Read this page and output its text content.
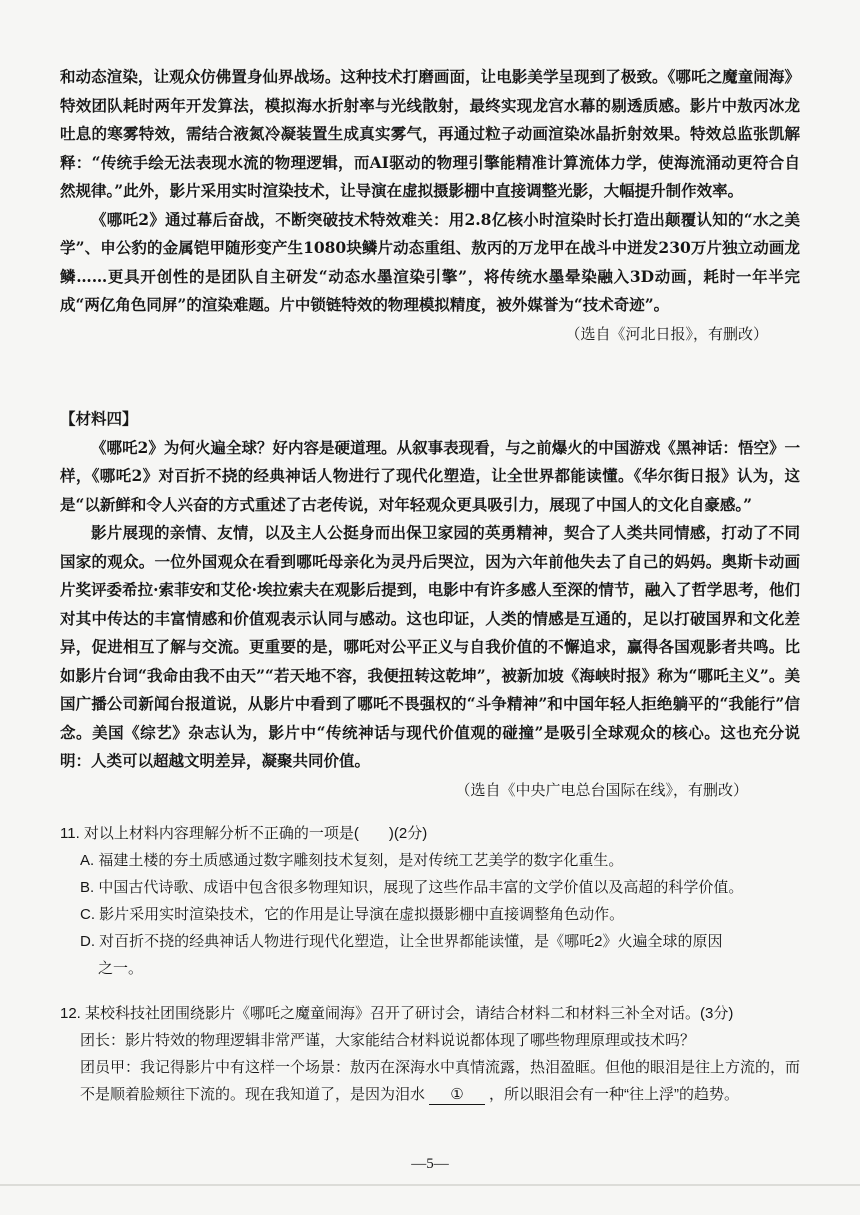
和动态渲染，让观众仿佛置身仙界战场。这种技术打磨画面，让电影美学呈现到了极致。《哪吒之魔童闹海》特效团队耗时两年开发算法，模拟海水折射率与光线散射，最终实现龙宫水幕的剔透质感。影片中敖丙冰龙吐息的寒雾特效，需结合液氮冷凝装置生成真实雾气，再通过粒子动画渲染冰晶折射效果。特效总监张凯解释：“传统手绘无法表现水流的物理逻辑，而AI驱动的物理引擎能精准计算流体力学，使海流涌动更符合自然规律。”此外，影片采用实时渲染技术，让导演在虚拟摄影棚中直接调整光影，大幅提升制作效率。

《哪吒2》通过幕后奋战，不断突破技术特效难关：用2.8亿核小时渲染时长打造出颠覆认知的“水之美学”、申公豹的金属铠甲随形变产生1080块鳞片动态重组、敖丙的万龙甲在战斗中迸发230万片独立动画龙鳞……更具开创性的是团队自主研发“动态水墨渲染引擎”，将传统水墨晕染融入3D动画，耗时一年半完成“两亿角色同屏”的渲染难题。片中锁链特效的物理模拟精度，被外媒誉为“技术奇迹”。

（选自《河北日报》，有删改）

【材料四】

《哪吒2》为何火遍全球？好内容是硬道理。从叙事表现看，与之前爆火的中国游戏《黑神话：悟空》一样，《哪吒2》对百折不挠的经典神话人物进行了现代化塑造，让全世界都能读懂。《华尔街日报》认为，这是“以新鲜和令人兴奋的方式重述了古老传说，对年轻观众更具吸引力，展现了中国人的文化自豪感。”

影片展现的亲情、友情，以及主人公挺身而出保卫家园的英勇精神，契合了人类共同情感，打动了不同国家的观众。一位外国观众在看到哪吒母亲化为灵丹后哭泣，因为六年前他失去了自己的妈妈。奥斯卡动画片奖评委希拉·索菲安和艾伦·埃拉索夫在观影后提到，电影中有许多感人至深的情节，融入了哲学思考，他们对其中传达的丰富情感和价值观表示认同与感动。这也印证，人类的情感是互通的，足以打破国界和文化差异，促进相互了解与交流。更重要的是，哪吒对公平正义与自我价值的不懈追求，赢得各国观影者共鸣。比如影片台词“我命由我不由天”“若天地不容，我便扭转这乾坤”，被新加坡《海峡时报》称为“哪吒主义”。美国广播公司新闻台报道说，从影片中看到了哪吒不畏强权的“斗争精神”和中国年轻人拒绝躺平的“我能行”信念。美国《综艺》杂志认为，影片中“传统神话与现代价值观的碰撞”是吸引全球观众的核心。这也充分说明：人类可以超越文明差异，凝聚共同价值。

（选自《中央广电总台国际在线》，有删改）

11. 对以上材料内容理解分析不正确的一项是(　　)(2分)

A. 福建土楼的夯土质感通过数字雕刻技术复刻，是对传统工艺美学的数字化重生。

B. 中国古代诗歌、成语中包含很多物理知识，展现了这些作品丰富的文学价值以及高超的科学价值。

C. 影片采用实时渲染技术，它的作用是让导演在虚拟摄影棚中直接调整角色动作。

D. 对百折不挠的经典神话人物进行现代化塑造，让全世界都能读懂，是《哪吒2》火遍全球的原因

之一。

12. 某校科技社团围绕影片《哪吒之魔童闹海》召开了研讨会，请结合材料二和材料三补全对话。(3分)

团长：影片特效的物理逻辑非常严谨，大家能结合材料说说都体现了哪些物理原理或技术吗？

团员甲：我记得影片中有这样一个场景：敖丙在深海水中真情流露，热泪盈眶。但他的眼泪是往上方流的，而不是顺着脸颊往下流的。现在我知道了，是因为泪水 ① ，所以眼泪会有一种“往上浮”的趋势。

—5—
